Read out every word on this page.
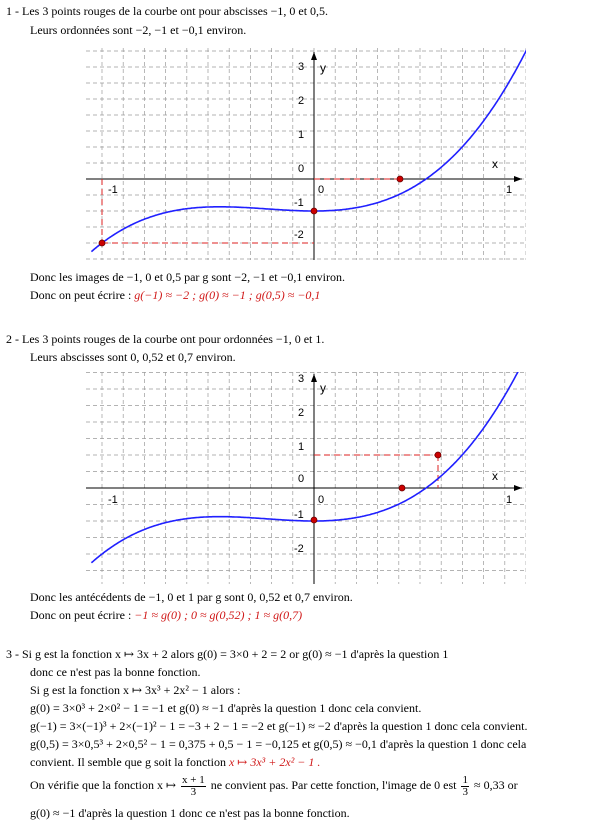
1 - Les 3 points rouges de la courbe ont pour abscisses −1, 0 et 0,5.
Leurs ordonnées sont −2, −1 et −0,1 environ.
x
y
-1	0	1
3
2
1
0
-1
-2
Donc les images de −1, 0 et 0,5 par g sont −2, −1 et −0,1 environ.
Donc on peut écrire : g(−1) ≈ −2 ; g(0) ≈ −1 ; g(0,5) ≈ −0,1
2 - Les 3 points rouges de la courbe ont pour ordonnées −1, 0 et 1.
Leurs abscisses sont 0, 0,52 et 0,7 environ.
x
y
-1	0	1
3
2
1
0
-1
-2
Donc les antécédents de −1, 0 et 1 par g sont 0, 0,52 et 0,7 environ.
Donc on peut écrire : −1 ≈ g(0) ; 0 ≈ g(0,52) ; 1 ≈ g(0,7)
3 - Si g est la fonction x ↦ 3x + 2 alors g(0) = 3×0 + 2 = 2 or g(0) ≈ −1 d'après la question 1
donc ce n'est pas la bonne fonction.
Si g est la fonction x ↦ 3x³ + 2x² − 1 alors :
g(0) = 3×0³ + 2×0² − 1 = −1 et g(0) ≈ −1 d'après la question 1 donc cela convient.
g(−1) = 3×(−1)³ + 2×(−1)² − 1 = −3 + 2 − 1 = −2 et g(−1) ≈ −2 d'après la question 1 donc cela convient.
g(0,5) = 3×0,5³ + 2×0,5² − 1 = 0,375 + 0,5 − 1 = −0,125 et g(0,5) ≈ −0,1 d'après la question 1 donc cela
convient. Il semble que g soit la fonction x ↦ 3x³ + 2x² − 1 .
On vérifie que la fonction x ↦ $\frac{x + 1}{3}$ ne convient pas. Par cette fonction, l'image de 0 est $\frac{1}{3} \approx 0,33$ or
g(0) ≈ −1 d'après la question 1 donc ce n'est pas la bonne fonction.
